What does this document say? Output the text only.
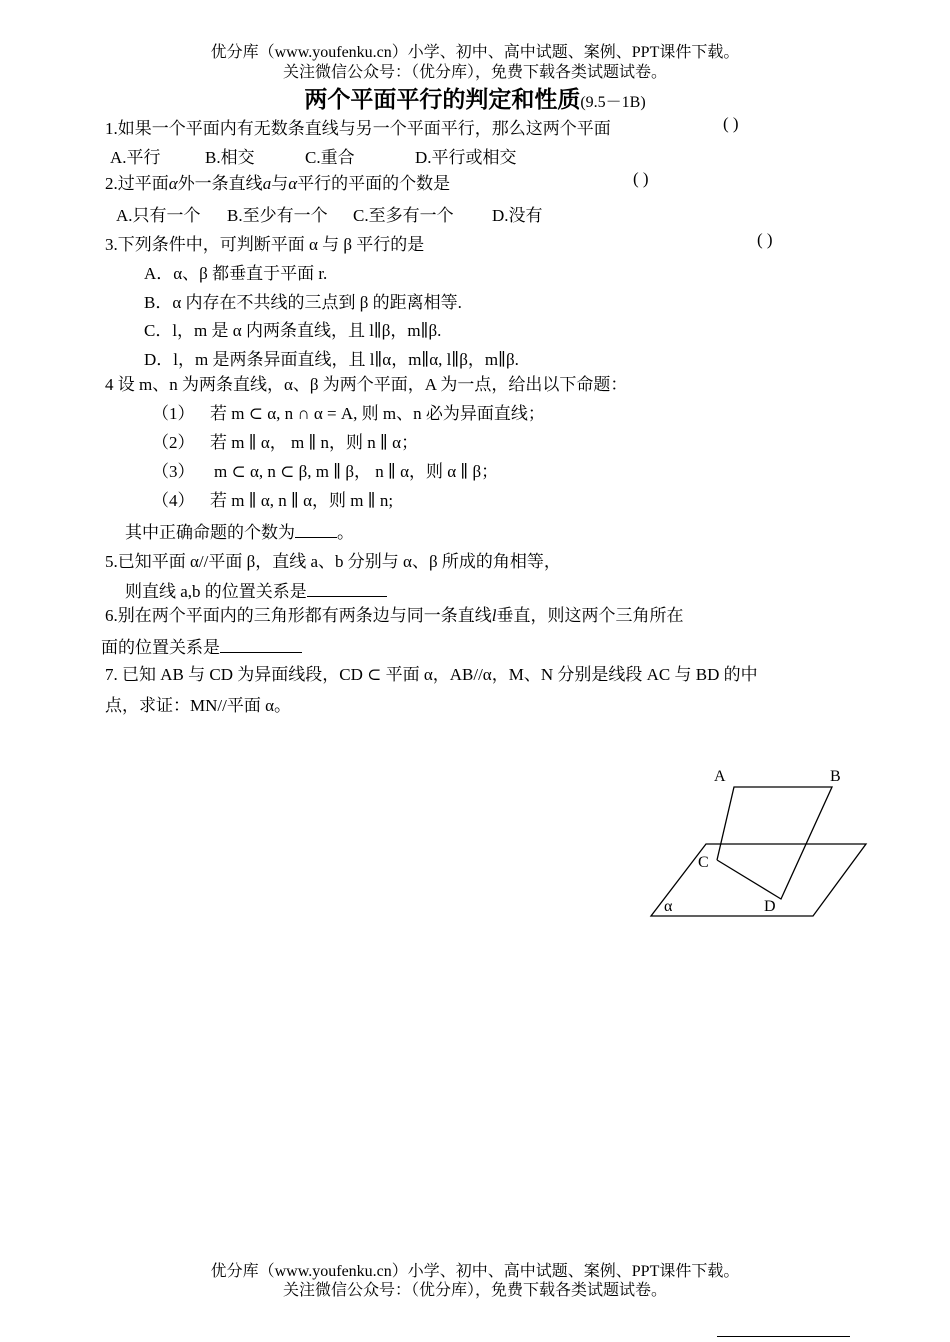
优分库（www.youfenku.cn）小学、初中、高中试题、案例、PPT课件下载。
关注微信公众号：（优分库），免费下载各类试题试卷。
两个平面平行的判定和性质(9.5－1B)
1.如果一个平面内有无数条直线与另一个平面平行，那么这两个平面	( )
A.平行	B.相交	C.重合	D.平行或相交
2.过平面α外一条直线a与α平行的平面的个数是	( )
A.只有一个 B.至少有一个 C.至多有一个 D.没有
3.下列条件中，可判断平面 α 与 β 平行的是	( )
A．α、β 都垂直于平面 r.
B．α 内存在不共线的三点到 β 的距离相等.
C．l，m 是 α 内两条直线，且 l∥β，m∥β.
D．l，m 是两条异面直线，且 l∥α，m∥α, l∥β，m∥β.
4 设 m、n 为两条直线，α、β 为两个平面，A 为一点，给出以下命题：
（1） 若 m ⊂ α, n ∩ α = A, 则 m、n 必为异面直线；
（2） 若 m ∥ α， m ∥ n，则 n ∥ α；
（3） m ⊂ α, n ⊂ β, m ∥ β， n ∥ α，则 α ∥ β；
（4） 若 m ∥ α, n ∥ α，则 m ∥ n;
其中正确命题的个数为 。
5.已知平面 α//平面 β，直线 a、b 分别与 α、β 所成的角相等，
则直线 a,b 的位置关系是
6.别在两个平面内的三角形都有两条边与同一条直线l垂直，则这两个三角所在
面的位置关系是
7. 已知 AB 与 CD 为异面线段，CD ⊂ 平面 α，AB//α，M、N 分别是线段 AC 与 BD 的中
点，求证：MN//平面 α。
A	B
C
D
α
优分库（www.youfenku.cn）小学、初中、高中试题、案例、PPT课件下载。
关注微信公众号：（优分库），免费下载各类试题试卷。
